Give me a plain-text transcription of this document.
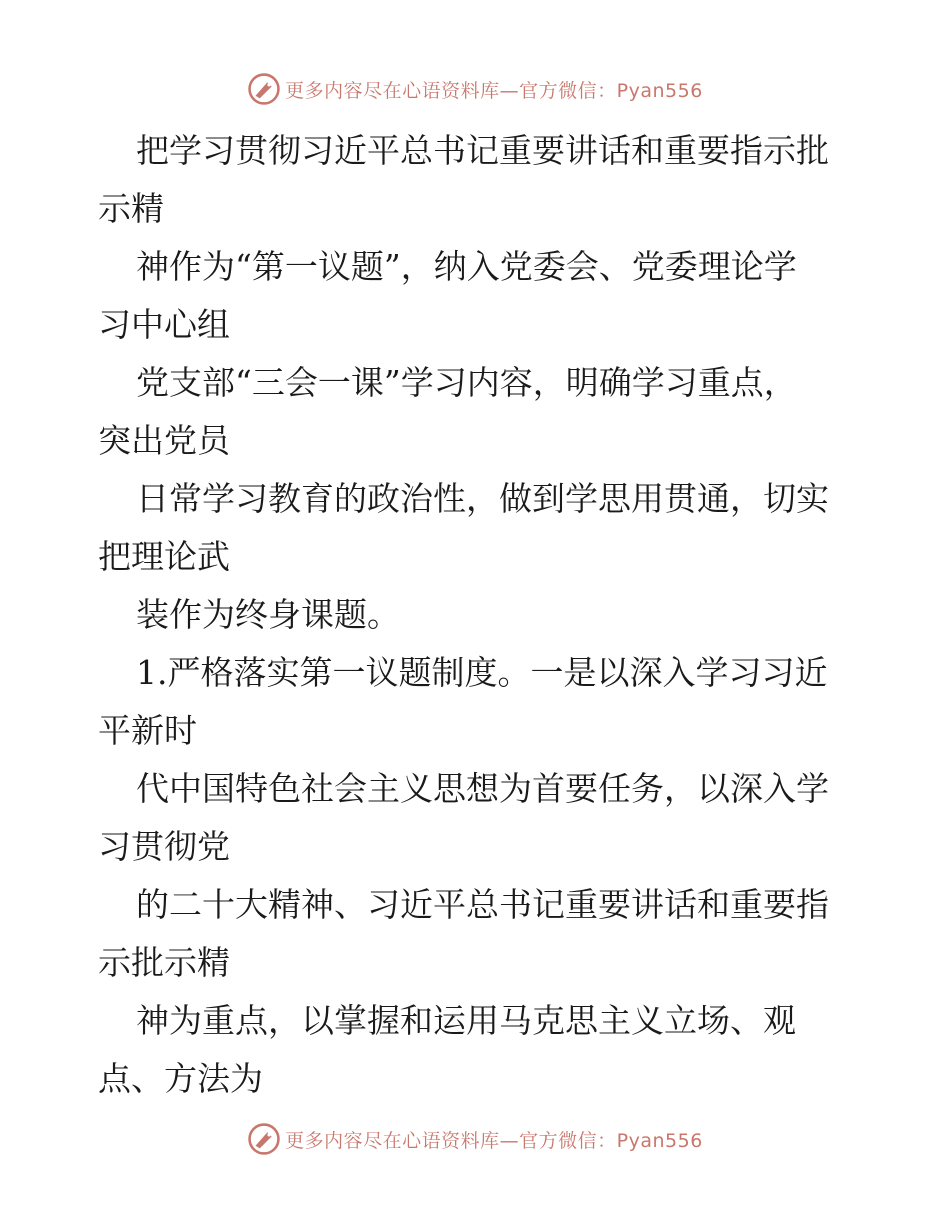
更多内容尽在心语资料库—官方微信：Pyan556
把学习贯彻习近平总书记重要讲话和重要指示批
示精
神作为“第一议题”，纳入党委会、党委理论学
习中心组
党支部“三会一课”学习内容，明确学习重点，
突出党员
日常学习教育的政治性，做到学思用贯通，切实
把理论武
装作为终身课题。
1.严格落实第一议题制度。一是以深入学习习近
平新时
代中国特色社会主义思想为首要任务，以深入学
习贯彻党
的二十大精神、习近平总书记重要讲话和重要指
示批示精
神为重点，以掌握和运用马克思主义立场、观
点、方法为
更多内容尽在心语资料库—官方微信：Pyan556
